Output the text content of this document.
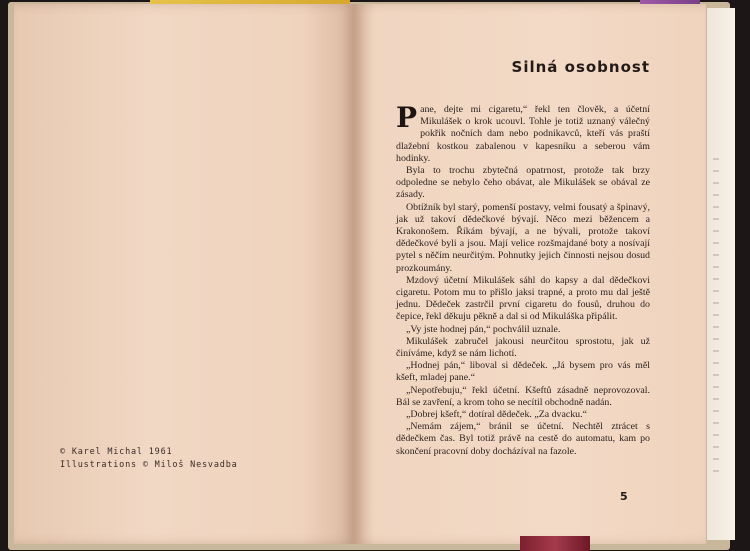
© Karel Michal 1961
Illustrations © Miloš Nesvadba
Silná osobnost

Pane, dejte mi cigaretu,“ řekl ten člověk, a účetní Mikulášek o krok ucouvl. Tohle je totiž uznaný válečný pokřik nočních dam nebo podnikavců, kteří vás praští dlažební kostkou zabalenou v kapesníku a seberou vám hodinky.

Byla to trochu zbytečná opatrnost, protože tak brzy odpoledne se nebylo čeho obávat, ale Mikulášek se obával ze zásady.

Obtížník byl starý, pomenší postavy, velmi fousatý a špinavý, jak už takoví dědečkové bývají. Něco mezi běžencem a Krakonošem. Říkám bývají, a ne bývali, protože takoví dědečkové byli a jsou. Mají velice rozšmajdané boty a nosívají pytel s něčím neurčitým. Pohnutky jejich činnosti nejsou dosud prozkoumány.

Mzdový účetní Mikulášek sáhl do kapsy a dal dědečkovi cigaretu. Potom mu to přišlo jaksi trapné, a proto mu dal ještě jednu. Dědeček zastrčil první cigaretu do fousů, druhou do čepice, řekl děkuju pěkně a dal si od Mikuláška připálit.

„Vy jste hodnej pán,“ pochválil uznale.

Mikulášek zabručel jakousi neurčitou sprostotu, jak už činíváme, když se nám lichotí.

„Hodnej pán,“ liboval si dědeček. „Já bysem pro vás měl kšeft, mladej pane.“

„Nepotřebuju,“ řekl účetní. Kšeftů zásadně neprovozoval. Bál se zavření, a krom toho se necítil obchodně nadán.

„Dobrej kšeft,“ dotíral dědeček. „Za dvacku.“

„Nemám zájem,“ bránil se účetní. Nechtěl ztrácet s dědečkem čas. Byl totiž právě na cestě do automatu, kam po skončení pracovní doby docházíval na fazole.

5
